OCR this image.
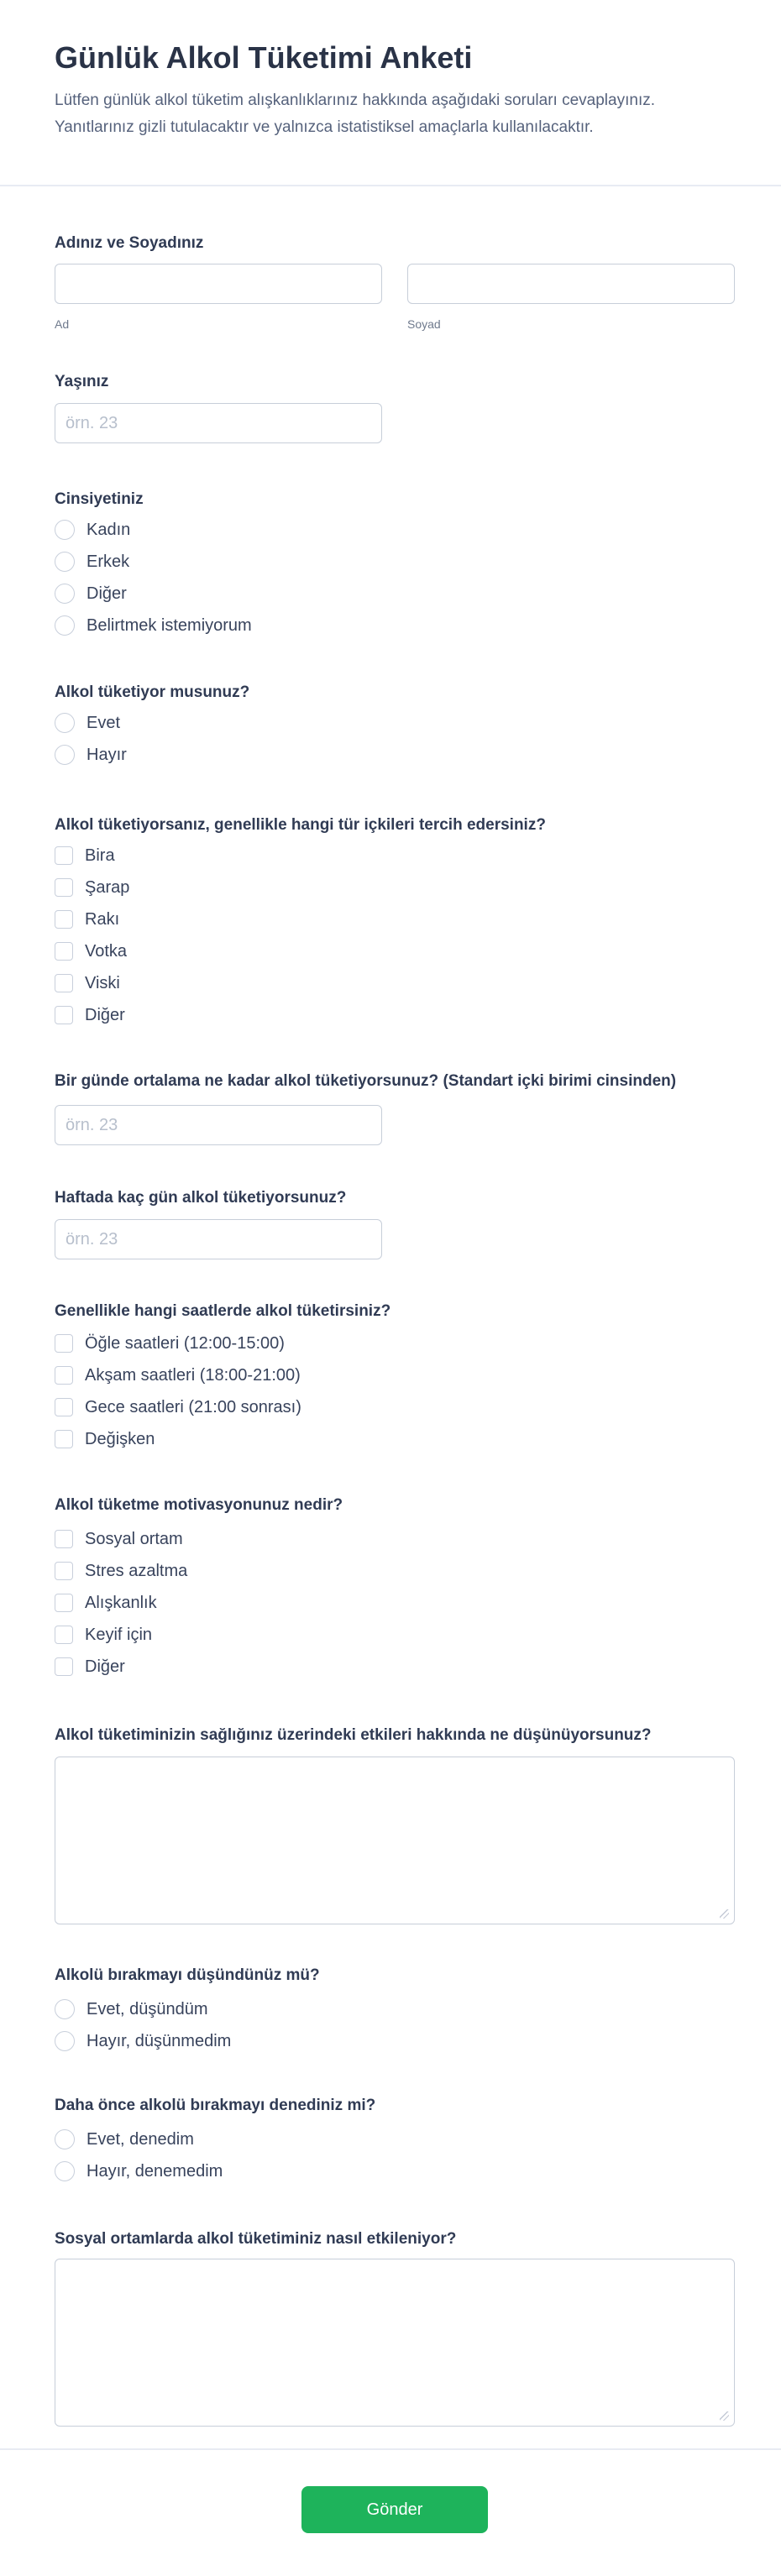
Günlük Alkol Tüketimi Anketi
Lütfen günlük alkol tüketim alışkanlıklarınız hakkında aşağıdaki soruları cevaplayınız.
Yanıtlarınız gizli tutulacaktır ve yalnızca istatistiksel amaçlarla kullanılacaktır.
Adınız ve Soyadınız
Ad	Soyad
Yaşınız
örn. 23
Cinsiyetiniz
Kadın
Erkek
Diğer
Belirtmek istemiyorum
Alkol tüketiyor musunuz?
Evet
Hayır
Alkol tüketiyorsanız, genellikle hangi tür içkileri tercih edersiniz?
Bira
Şarap
Rakı
Votka
Viski
Diğer
Bir günde ortalama ne kadar alkol tüketiyorsunuz? (Standart içki birimi cinsinden)
örn. 23
Haftada kaç gün alkol tüketiyorsunuz?
örn. 23
Genellikle hangi saatlerde alkol tüketirsiniz?
Öğle saatleri (12:00-15:00)
Akşam saatleri (18:00-21:00)
Gece saatleri (21:00 sonrası)
Değişken
Alkol tüketme motivasyonunuz nedir?
Sosyal ortam
Stres azaltma
Alışkanlık
Keyif için
Diğer
Alkol tüketiminizin sağlığınız üzerindeki etkileri hakkında ne düşünüyorsunuz?
Alkolü bırakmayı düşündünüz mü?
Evet, düşündüm
Hayır, düşünmedim
Daha önce alkolü bırakmayı denediniz mi?
Evet, denedim
Hayır, denemedim
Sosyal ortamlarda alkol tüketiminiz nasıl etkileniyor?
Gönder
